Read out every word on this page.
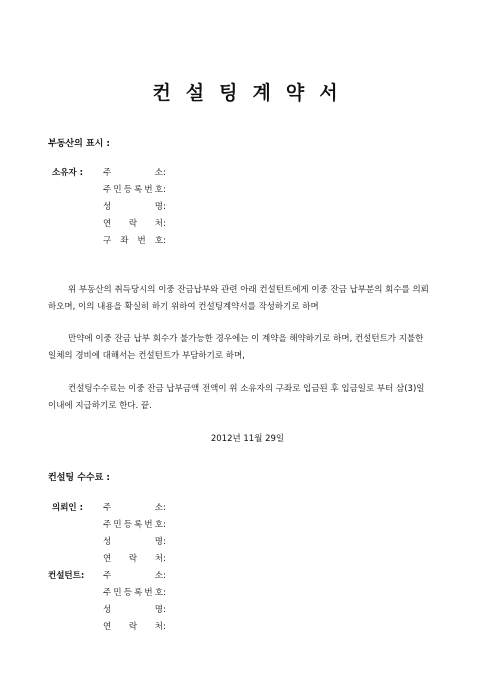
컨설팅계약서
부동산의 표시 :
소유자 : 주	소 :
주 민 등 록 번 호 :
성	명 :
연 락 처 :
구 좌 번 호 :
위 부동산의 취득당시의 이중 잔금납부와 관련 아래 컨설턴트에게 이중 잔금 납부분의 회수를 의뢰
하오며, 이의 내용을 확실히 하기 위하여 컨설팅계약서를 작성하기로 하며
만약에 이중 잔금 납부 회수가 불가능한 경우에는 이 계약을 해약하기로 하며, 컨설턴트가 지불한
일체의 경비에 대해서는 컨설턴트가 부담하기로 하며,
컨설팅수수료는 이중 잔금 납부금액 전액이 위 소유자의 구좌로 입금된 후 입금일로 부터 삼(3)일
이내에 지급하기로 한다. 끝.
2012년 11월 29일
컨설팅 수수료 :
의뢰인 : 주	소 :
주 민 등 록 번 호 :
성	명 :
연 락 처 :
컨설턴트: 주	소 :
주 민 등 록 번 호 :
성	명 :
연 락 처 :
